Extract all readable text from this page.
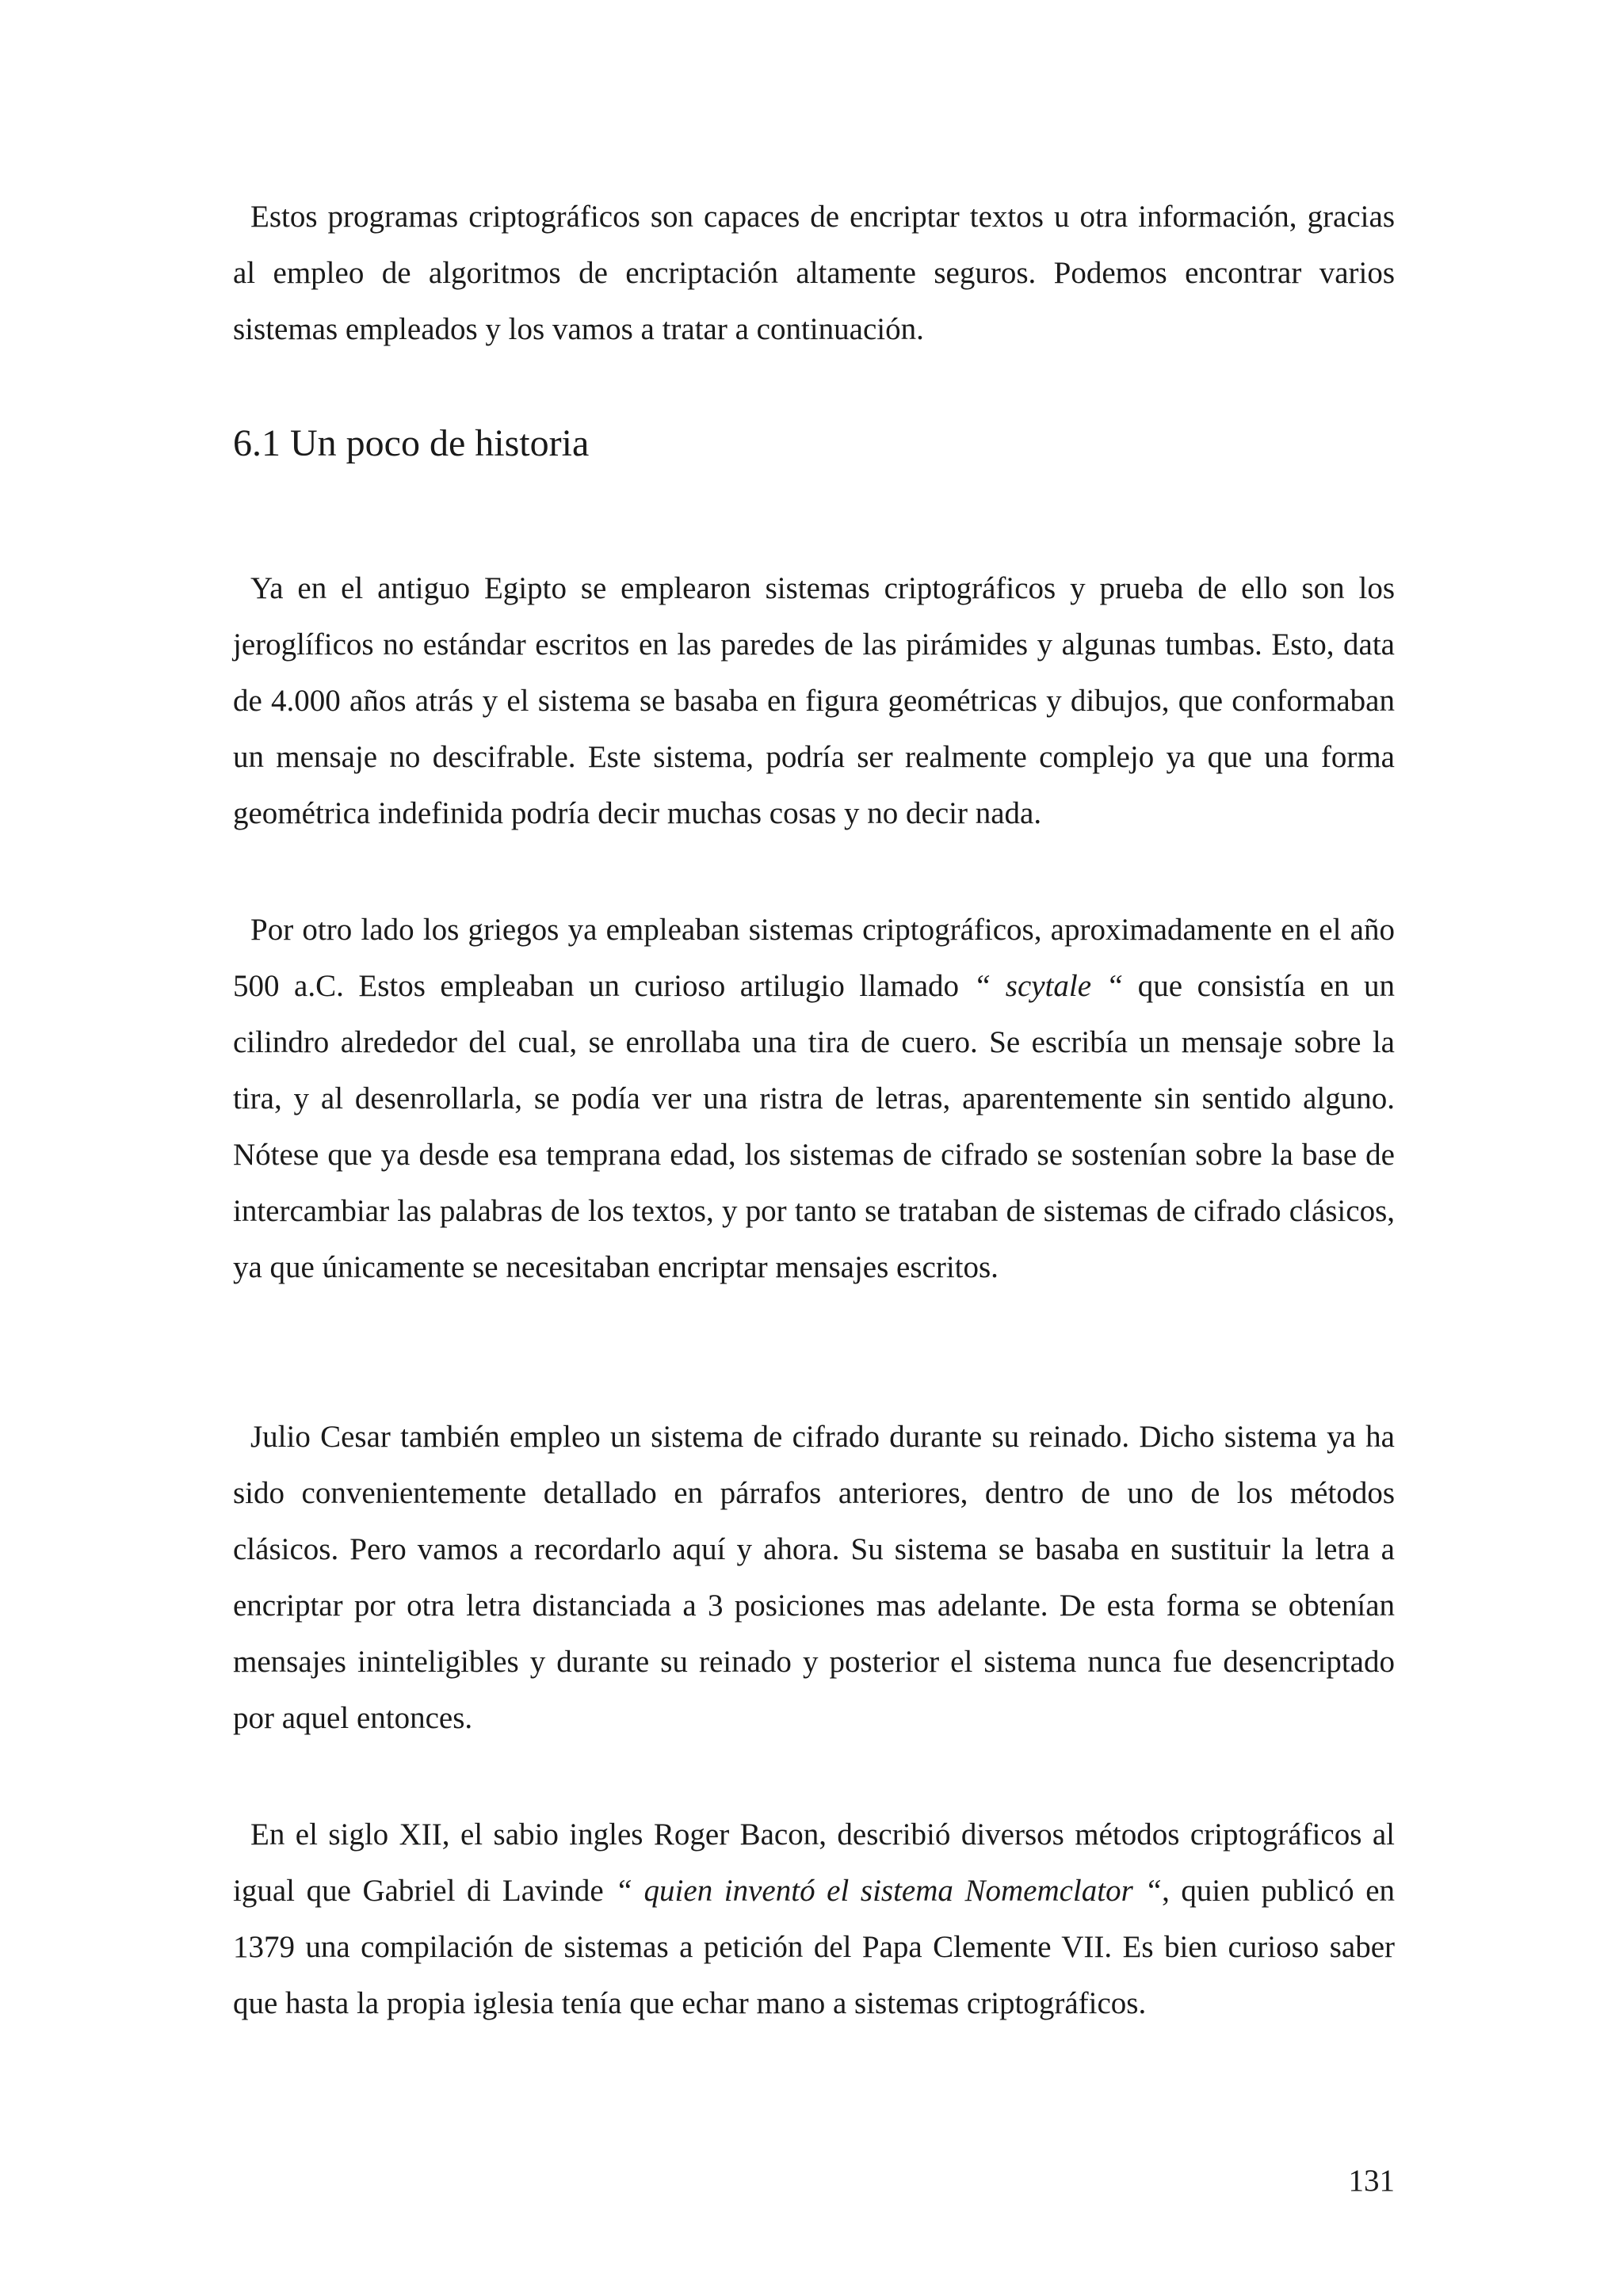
Estos programas criptográficos son capaces de encriptar textos u otra información, gracias al empleo de algoritmos de encriptación altamente seguros. Podemos encontrar varios sistemas empleados y los vamos a tratar a continuación.

6.1 Un poco de historia

Ya en el antiguo Egipto se emplearon sistemas criptográficos y prueba de ello son los jeroglíficos no estándar escritos en las paredes de las pirámides y algunas tumbas. Esto, data de 4.000 años atrás y el sistema se basaba en figura geométricas y dibujos, que conformaban un mensaje no descifrable. Este sistema, podría ser realmente complejo ya que una forma geométrica indefinida podría decir muchas cosas y no decir nada.

Por otro lado los griegos ya empleaban sistemas criptográficos, aproximadamente en el año 500 a.C. Estos empleaban un curioso artilugio llamado “ scytale “ que consistía en un cilindro alrededor del cual, se enrollaba una tira de cuero. Se escribía un mensaje sobre la tira, y al desenrollarla, se podía ver una ristra de letras, aparentemente sin sentido alguno. Nótese que ya desde esa temprana edad, los sistemas de cifrado se sostenían sobre la base de intercambiar las palabras de los textos, y por tanto se trataban de sistemas de cifrado clásicos, ya que únicamente se necesitaban encriptar mensajes escritos.

Julio Cesar también empleo un sistema de cifrado durante su reinado. Dicho sistema ya ha sido convenientemente detallado en párrafos anteriores, dentro de uno de los métodos clásicos. Pero vamos a recordarlo aquí y ahora. Su sistema se basaba en sustituir la letra a encriptar por otra letra distanciada a 3 posiciones mas adelante. De esta forma se obtenían mensajes ininteligibles y durante su reinado y posterior el sistema nunca fue desencriptado por aquel entonces.

En el siglo XII, el sabio ingles Roger Bacon, describió diversos métodos criptográficos al igual que Gabriel di Lavinde “ quien inventó el sistema Nomemclator “, quien publicó en 1379 una compilación de sistemas a petición del Papa Clemente VII. Es bien curioso saber que hasta la propia iglesia tenía que echar mano a sistemas criptográficos.

131
